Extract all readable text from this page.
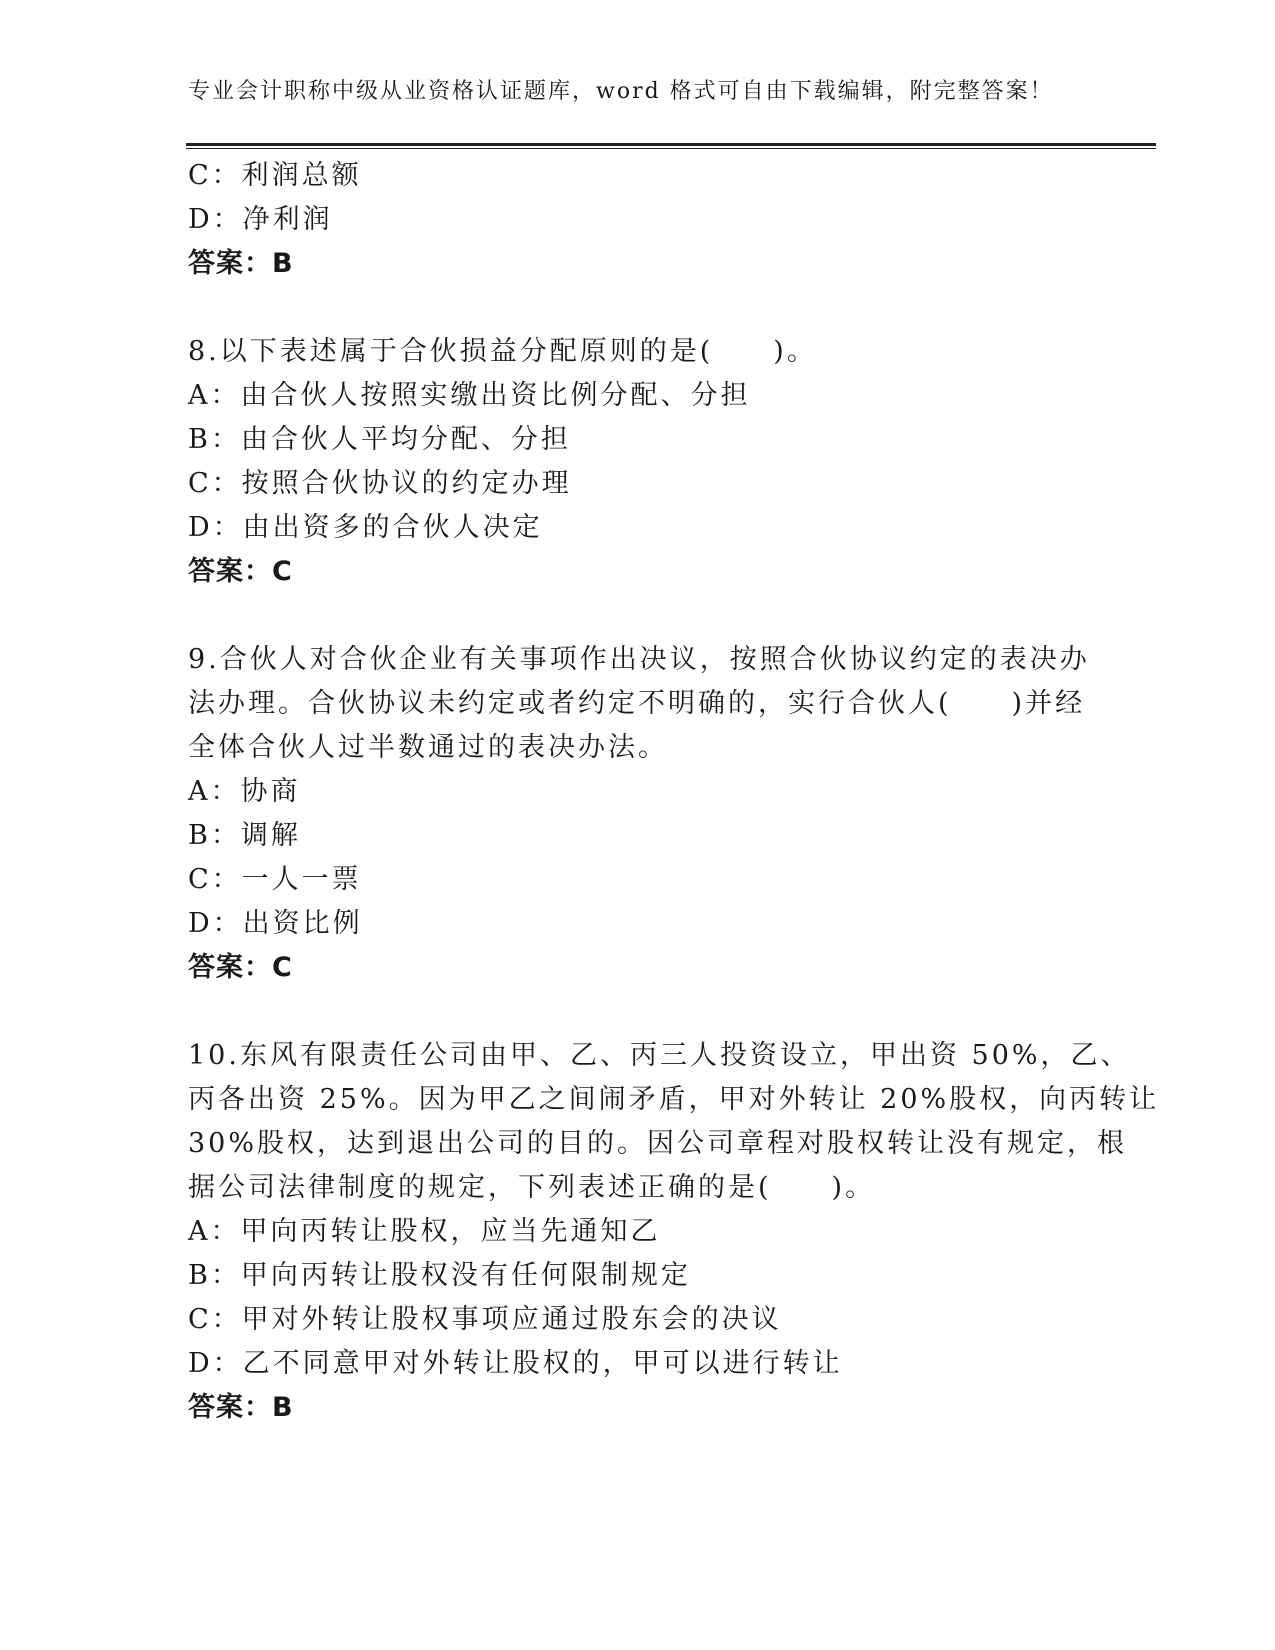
专业会计职称中级从业资格认证题库，word 格式可自由下载编辑，附完整答案！
C：利润总额
D：净利润
答案：B
8.以下表述属于合伙损益分配原则的是(　　)。
A：由合伙人按照实缴出资比例分配、分担
B：由合伙人平均分配、分担
C：按照合伙协议的约定办理
D：由出资多的合伙人决定
答案：C
9.合伙人对合伙企业有关事项作出决议，按照合伙协议约定的表决办
法办理。合伙协议未约定或者约定不明确的，实行合伙人(　　)并经
全体合伙人过半数通过的表决办法。
A：协商
B：调解
C：一人一票
D：出资比例
答案：C
10.东风有限责任公司由甲、乙、丙三人投资设立，甲出资 50%，乙、
丙各出资 25%。因为甲乙之间闹矛盾，甲对外转让 20%股权，向丙转让
30%股权，达到退出公司的目的。因公司章程对股权转让没有规定，根
据公司法律制度的规定，下列表述正确的是(　　)。
A：甲向丙转让股权，应当先通知乙
B：甲向丙转让股权没有任何限制规定
C：甲对外转让股权事项应通过股东会的决议
D：乙不同意甲对外转让股权的，甲可以进行转让
答案：B
